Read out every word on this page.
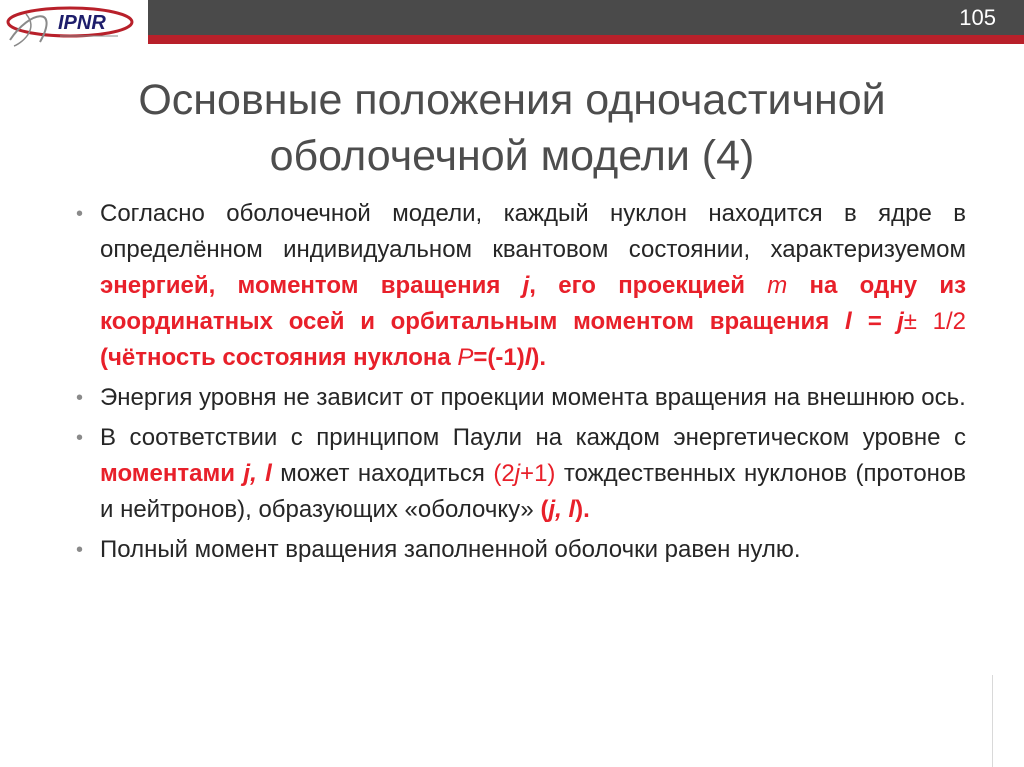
105
IPNR
Основные положения одночастичной
оболочечной модели (4)
• Согласно оболочечной модели, каждый нуклон находится в ядре в определённом индивидуальном квантовом состоянии, характеризуемом энергией, моментом вращения j, его проекцией m на одну из координатных осей и орбитальным моментом вращения l = j± 1/2 (чётность состояния нуклона P=(-1)l).
• Энергия уровня не зависит от проекции момента вращения на внешнюю ось.
• В соответствии с принципом Паули на каждом энергетическом уровне с моментами j, l может находиться (2j+1) тождественных нуклонов (протонов и нейтронов), образующих «оболочку» (j, l).
• Полный момент вращения заполненной оболочки равен нулю.
